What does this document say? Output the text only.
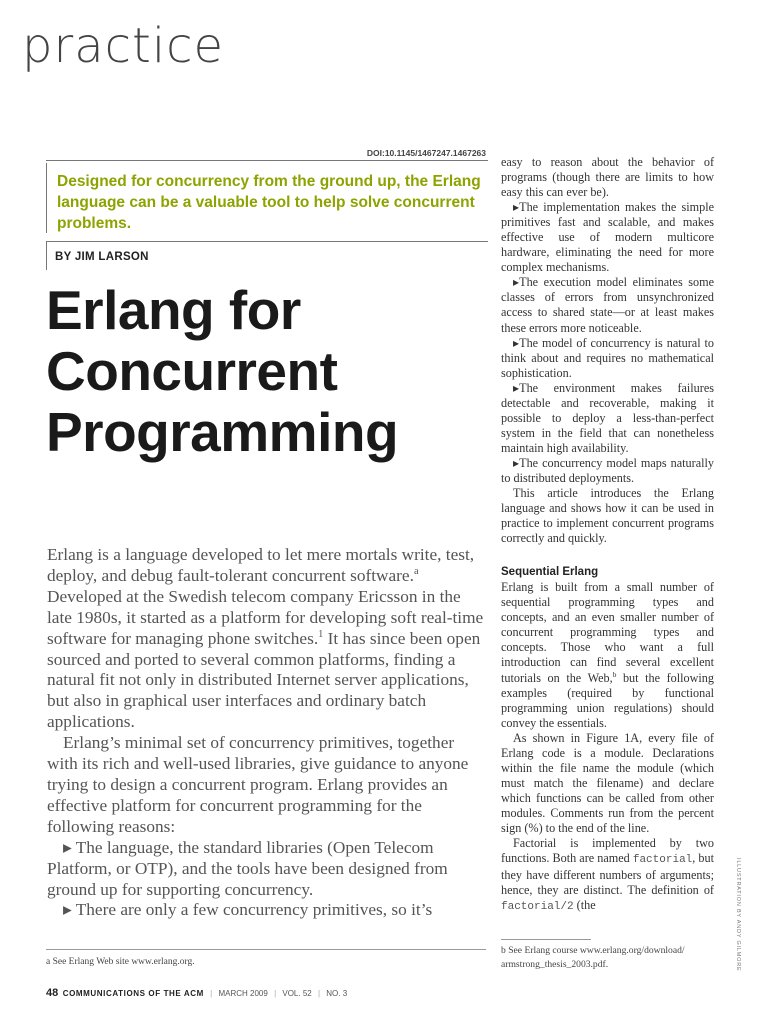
practice
DOI:10.1145/1467247.1467263

Designed for concurrency from the ground up, the Erlang language can be a valuable tool to help solve concurrent problems.

BY JIM LARSON
Erlang for
Concurrent
Programming

Erlang is a language developed to let mere mortals write, test, deploy, and debug fault-tolerant concurrent software.$^a$ Developed at the Swedish telecom company Ericsson in the late 1980s, it started as a platform for developing soft real-time software for managing phone switches.$^1$ It has since been open sourced and ported to several common platforms, finding a natural fit not only in distributed Internet server applications, but also in graphical user interfaces and ordinary batch applications.

Erlang’s minimal set of concurrency primitives, together with its rich and well-used libraries, give guidance to anyone trying to design a concurrent program. Erlang provides an effective platform for concurrent programming for the following reasons:

▸ The language, the standard libraries (Open Telecom Platform, or OTP), and the tools have been designed from ground up for supporting concurrency.

▸ There are only a few concurrency primitives, so it’s

a See Erlang Web site www.erlang.org.

easy to reason about the behavior of programs (though there are limits to how easy this can ever be).

▸The implementation makes the simple primitives fast and scalable, and makes effective use of modern multicore hardware, eliminating the need for more complex mechanisms.

▸The execution model eliminates some classes of errors from unsynchronized access to shared state—or at least makes these errors more noticeable.

▸The model of concurrency is natural to think about and requires no mathematical sophistication.

▸The environment makes failures detectable and recoverable, making it possible to deploy a less-than-perfect system in the field that can nonetheless maintain high availability.

▸The concurrency model maps naturally to distributed deployments.

This article introduces the Erlang language and shows how it can be used in practice to implement concurrent programs correctly and quickly.

Sequential Erlang

Erlang is built from a small number of sequential programming types and concepts, and an even smaller number of concurrent programming types and concepts. Those who want a full introduction can find several excellent tutorials on the Web,$^b$ but the following examples (required by functional programming union regulations) should convey the essentials.

As shown in Figure 1A, every file of Erlang code is a module. Declarations within the file name the module (which must match the filename) and declare which functions can be called from other modules. Comments run from the percent sign (%) to the end of the line.

Factorial is implemented by two functions. Both are named factorial, but they have different numbers of arguments; hence, they are distinct. The definition of factorial/2 (the

b See Erlang course www.erlang.org/download/ armstrong_thesis_2003.pdf.	ILLUSTRATION BY ANDY GILMORE
48 COMMUNICATIONS OF THE ACM | MARCH 2009 | VOL. 52 | NO. 3
